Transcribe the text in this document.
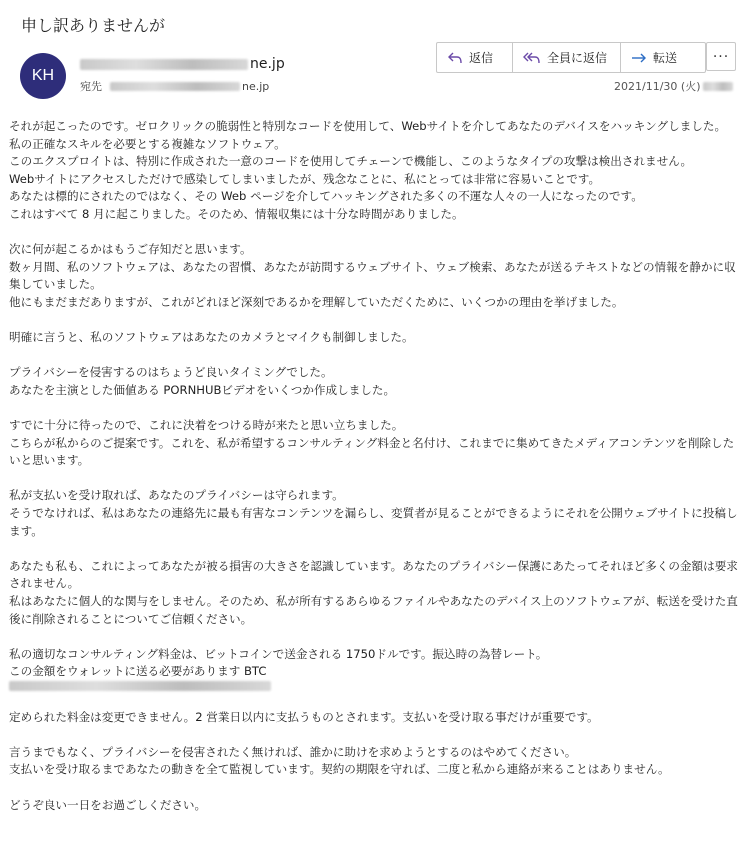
申し訳ありませんが
KH
ne.jp
宛先	ne.jp
返信	全員に返信	転送	···
2021/11/30 (火)

それが起こったのです。ゼロクリックの脆弱性と特別なコードを使用して、Webサイトを介してあなたのデバイスをハッキングしました。
私の正確なスキルを必要とする複雑なソフトウェア。
このエクスプロイトは、特別に作成された一意のコードを使用してチェーンで機能し、このようなタイプの攻撃は検出されません。
Webサイトにアクセスしただけで感染してしまいましたが、残念なことに、私にとっては非常に容易いことです。
あなたは標的にされたのではなく、その Web ページを介してハッキングされた多くの不運な人々の一人になったのです。
これはすべて 8 月に起こりました。そのため、情報収集には十分な時間がありました。

次に何が起こるかはもうご存知だと思います。
数ヶ月間、私のソフトウェアは、あなたの習慣、あなたが訪問するウェブサイト、ウェブ検索、あなたが送るテキストなどの情報を静かに収集していました。
他にもまだまだありますが、これがどれほど深刻であるかを理解していただくために、いくつかの理由を挙げました。

明確に言うと、私のソフトウェアはあなたのカメラとマイクも制御しました。

プライバシーを侵害するのはちょうど良いタイミングでした。
あなたを主演とした価値ある PORNHUBビデオをいくつか作成しました。

すでに十分に待ったので、これに決着をつける時が来たと思い立ちました。
こちらが私からのご提案です。これを、私が希望するコンサルティング料金と名付け、これまでに集めてきたメディアコンテンツを削除したいと思います。

私が支払いを受け取れば、あなたのプライバシーは守られます。
そうでなければ、私はあなたの連絡先に最も有害なコンテンツを漏らし、変質者が見ることができるようにそれを公開ウェブサイトに投稿します。

あなたも私も、これによってあなたが被る損害の大きさを認識しています。あなたのプライバシー保護にあたってそれほど多くの金額は要求されません。
私はあなたに個人的な関与をしません。そのため、私が所有するあらゆるファイルやあなたのデバイス上のソフトウェアが、転送を受けた直後に削除されることについてご信頼ください。

私の適切なコンサルティング料金は、ビットコインで送金される 1750ドルです。振込時の為替レート。
この金額をウォレットに送る必要があります BTC

定められた料金は変更できません。2 営業日以内に支払うものとされます。支払いを受け取る事だけが重要です。

言うまでもなく、プライバシーを侵害されたく無ければ、誰かに助けを求めようとするのはやめてください。
支払いを受け取るまであなたの動きを全て監視しています。契約の期限を守れば、二度と私から連絡が来ることはありません。

どうぞ良い一日をお過ごしください。
